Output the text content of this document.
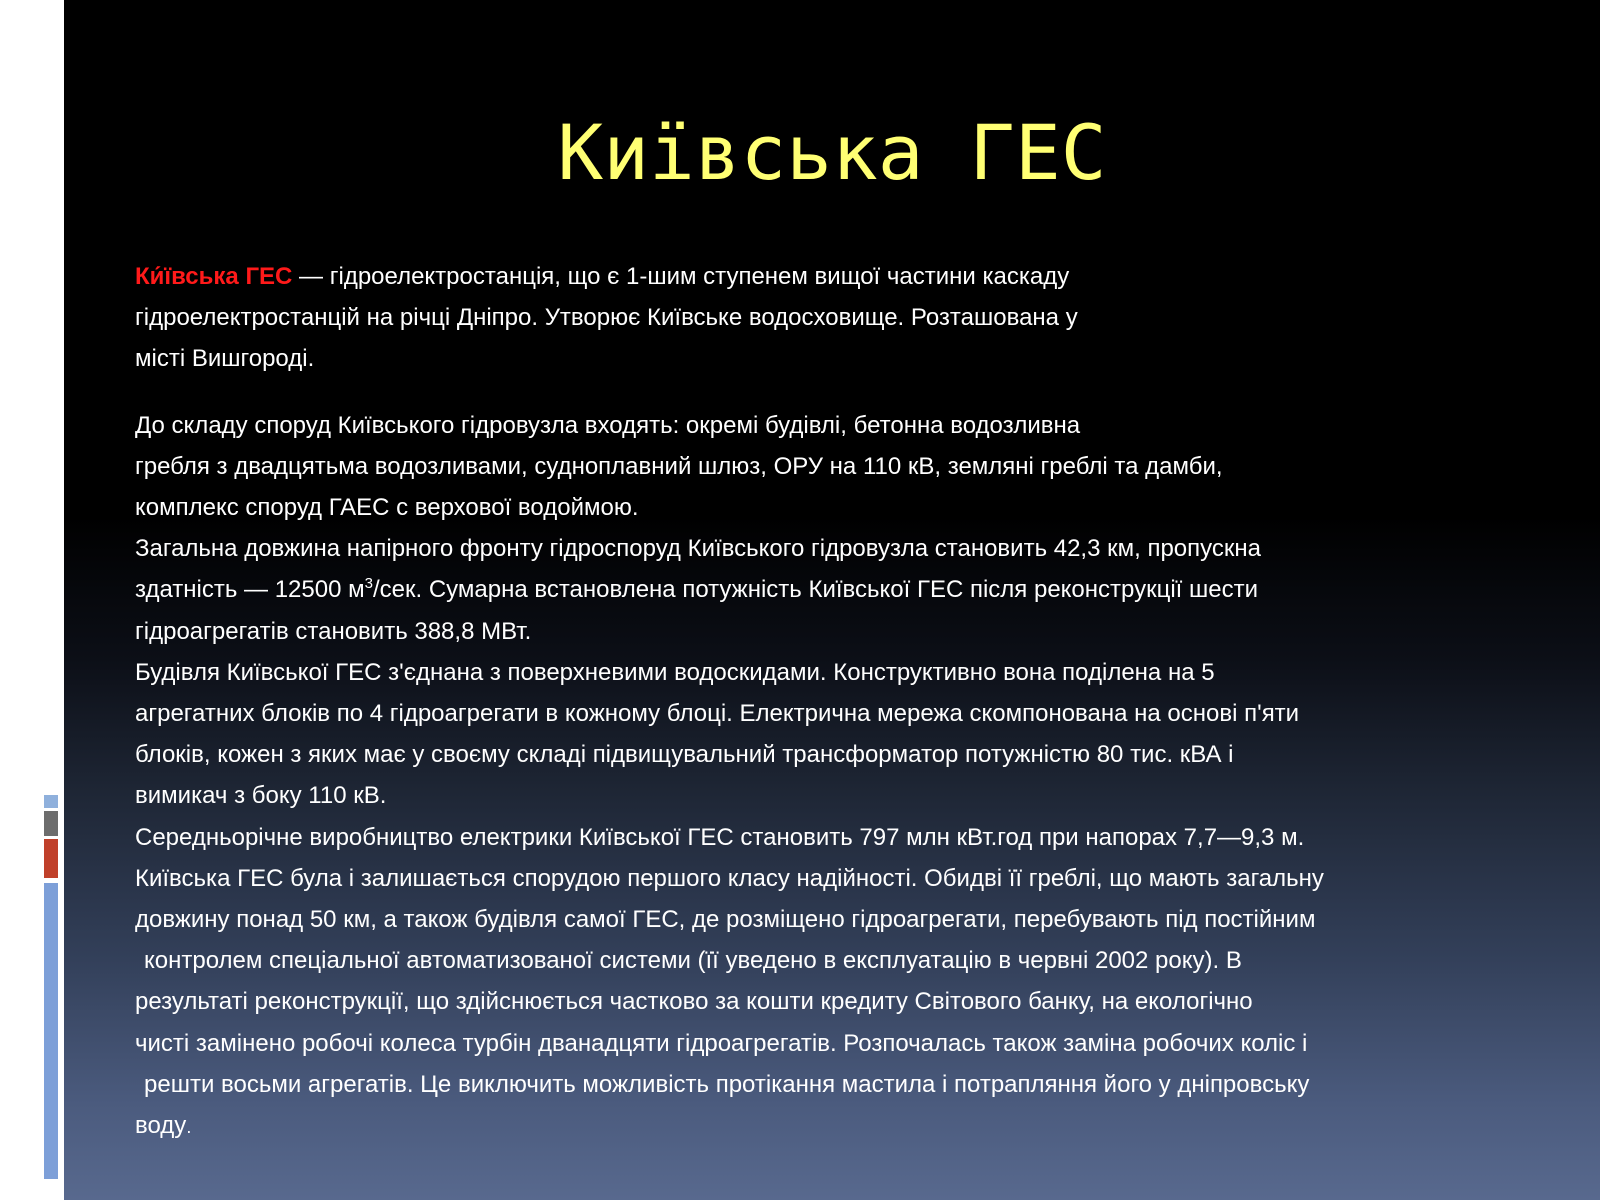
Київська ГЕС

Ки́ївська ГЕС — гідроелектростанція, що є 1-шим ступенем вищої частини каскаду

гідроелектростанцій на річці Дніпро. Утворює Київське водосховище. Розташована у

місті Вишгороді.

До складу споруд Київського гідровузла входять: окремі будівлі, бетонна водозливна

гребля з двадцятьма водозливами, судноплавний шлюз, ОРУ на 110 кВ, земляні греблі та дамби,

комплекс споруд ГАЕС с верхової водоймою.

Загальна довжина напірного фронту гідроспоруд Київського гідровузла становить 42,3 км, пропускна

здатність — 12500 $м^3$/сек. Сумарна встановлена потужність Київської ГЕС після реконструкції шести

гідроагрегатів становить 388,8 МВт.

Будівля Київської ГЕС з'єднана з поверхневими водоскидами. Конструктивно вона поділена на 5

агрегатних блоків по 4 гідроагрегати в кожному блоці. Електрична мережа скомпонована на основі п'яти

блоків, кожен з яких має у своєму складі підвищувальний трансформатор потужністю 80 тис. кВА і

вимикач з боку 110 кВ.

Середньорічне виробництво електрики Київської ГЕС становить 797 млн кВт.год при напорах 7,7—9,3 м.

Київська ГЕС була і залишається спорудою першого класу надійності. Обидві її греблі, що мають загальну

довжину понад 50 км, а також будівля самої ГЕС, де розміщено гідроагрегати, перебувають під постійним

контролем спеціальної автоматизованої системи (її уведено в експлуатацію в червні 2002 року). В

результаті реконструкції, що здійснюється частково за кошти кредиту Світового банку, на екологічно

чисті замінено робочі колеса турбін дванадцяти гідроагрегатів. Розпочалась також заміна робочих коліс і

решти восьми агрегатів. Це виключить можливість протікання мастила і потрапляння його у дніпровську

воду.
